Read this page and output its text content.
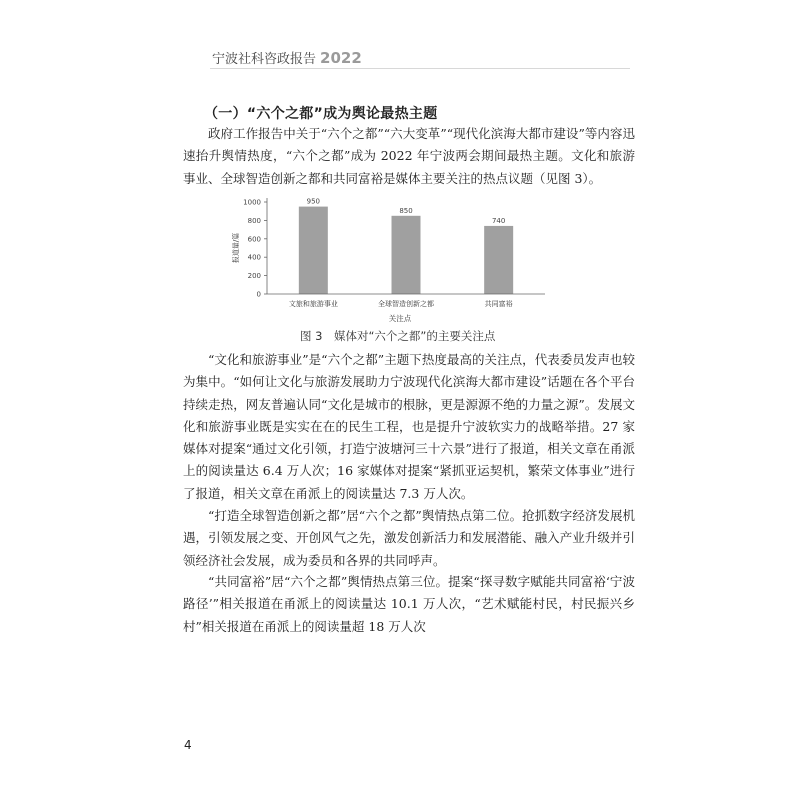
宁波社科咨政报告 2022
（一）“六个之都”成为舆论最热主题

政府工作报告中关于“六个之都”“六大变革”“现代化滨海大都市建设”等内容迅速抬升舆情热度，“六个之都”成为 2022 年宁波两会期间最热主题。文化和旅游事业、全球智造创新之都和共同富裕是媒体主要关注的热点议题（见图 3）。

0
200
400
600
800
1000	950
850
740
文旅和旅游事业	全球智造创新之都	共同富裕
报道量/篇
关注点
图 3　媒体对“六个之都”的主要关注点

“文化和旅游事业”是“六个之都”主题下热度最高的关注点，代表委员发声也较为集中。“如何让文化与旅游发展助力宁波现代化滨海大都市建设”话题在各个平台持续走热，网友普遍认同“文化是城市的根脉，更是源源不绝的力量之源”。发展文化和旅游事业既是实实在在的民生工程，也是提升宁波软实力的战略举措。27 家媒体对提案“通过文化引领，打造宁波塘河三十六景”进行了报道，相关文章在甬派上的阅读量达 6.4 万人次；16 家媒体对提案“紧抓亚运契机，繁荣文体事业”进行了报道，相关文章在甬派上的阅读量达 7.3 万人次。

“打造全球智造创新之都”居“六个之都”舆情热点第二位。抢抓数字经济发展机遇，引领发展之变、开创风气之先，激发创新活力和发展潜能、融入产业升级并引领经济社会发展，成为委员和各界的共同呼声。

“共同富裕”居“六个之都”舆情热点第三位。提案“探寻数字赋能共同富裕‘宁波路径’”相关报道在甬派上的阅读量达 10.1 万人次，“艺术赋能村民，村民振兴乡村”相关报道在甬派上的阅读量超 18 万人次

4
